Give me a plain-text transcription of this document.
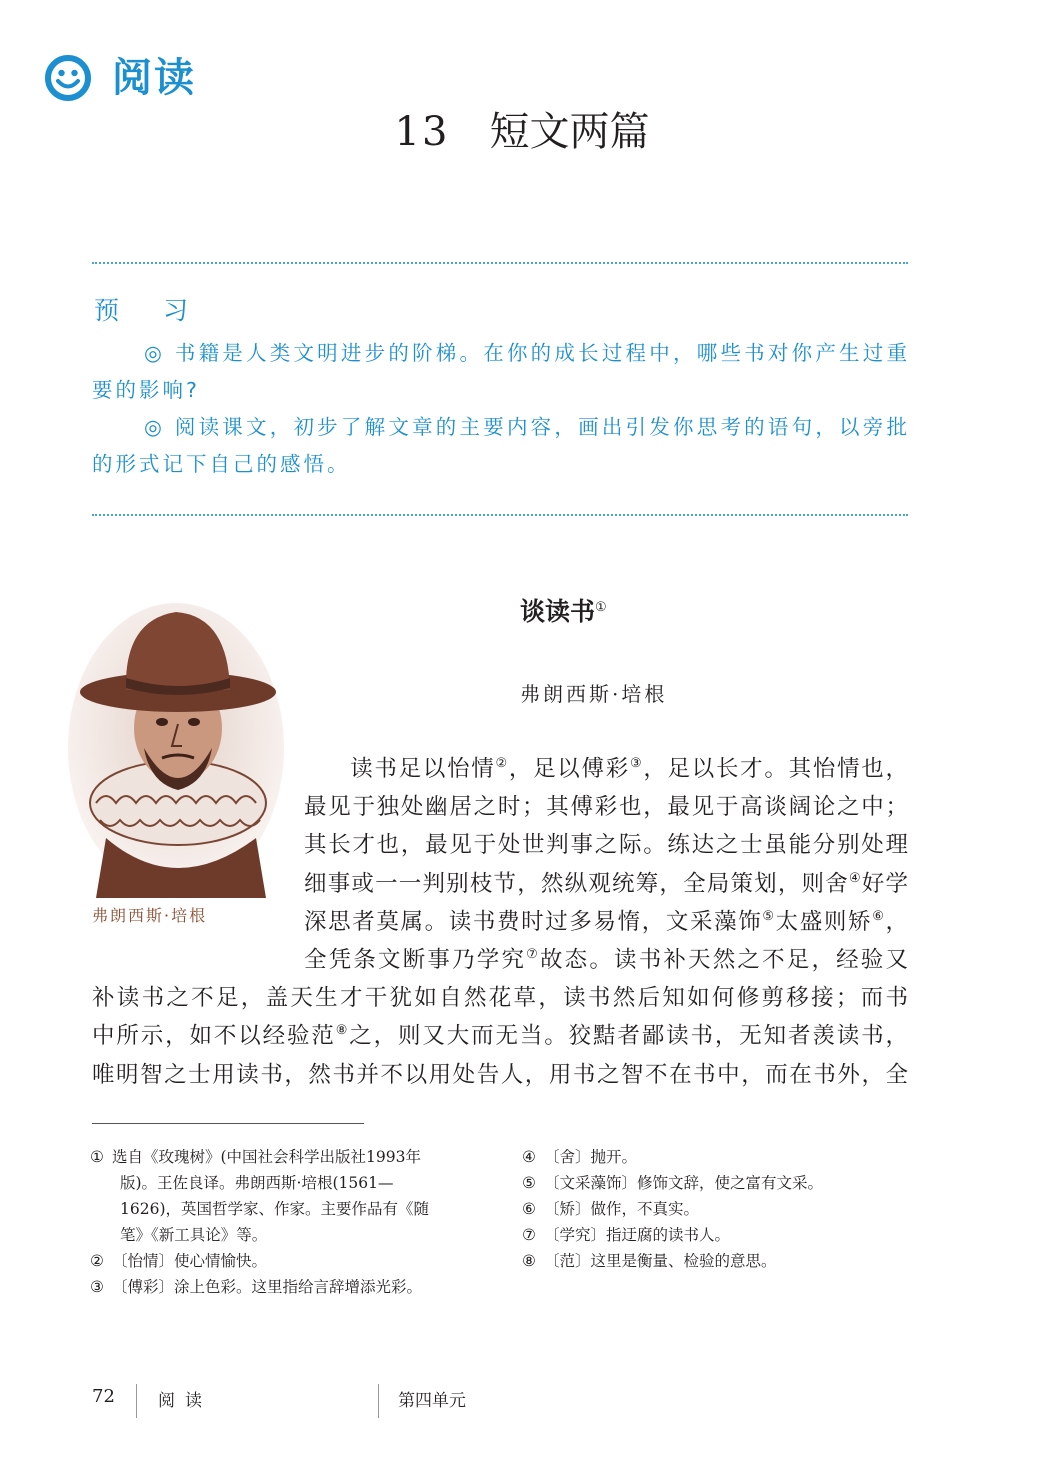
阅读
13 短文两篇
预 习
◎ 书籍是人类文明进步的阶梯。在你的成长过程中，哪些书对你产生过重要的影响?
◎ 阅读课文，初步了解文章的主要内容，画出引发你思考的语句，以旁批的形式记下自己的感悟。
弗朗西斯·培根
谈读书①
弗朗西斯·培根
　读书足以怡情②，足以傅彩③，足以长才。其怡情也，
最见于独处幽居之时；其傅彩也，最见于高谈阔论之中；
其长才也，最见于处世判事之际。练达之士虽能分别处理
细事或一一判别枝节，然纵观统筹，全局策划，则舍④好学
深思者莫属。读书费时过多易惰，文采藻饰⑤太盛则矫⑥，
全凭条文断事乃学究⑦故态。读书补天然之不足，经验又
补读书之不足，盖天生才干犹如自然花草，读书然后知如何修剪移接；而书
中所示，如不以经验范⑧之，则又大而无当。狡黠者鄙读书，无知者羡读书，
唯明智之士用读书，然书并不以用处告人，用书之智不在书中，而在书外，全
① 选自《玫瑰树》(中国社会科学出版社1993年
版)。王佐良译。弗朗西斯·培根(1561—
1626)，英国哲学家、作家。主要作品有《随
笔》《新工具论》等。
② 〔怡情〕使心情愉快。
③ 〔傅彩〕涂上色彩。这里指给言辞增添光彩。
④ 〔舍〕抛开。
⑤ 〔文采藻饰〕修饰文辞，使之富有文采。
⑥ 〔矫〕做作，不真实。
⑦ 〔学究〕指迂腐的读书人。
⑧ 〔范〕这里是衡量、检验的意思。
72	阅读	第四单元
